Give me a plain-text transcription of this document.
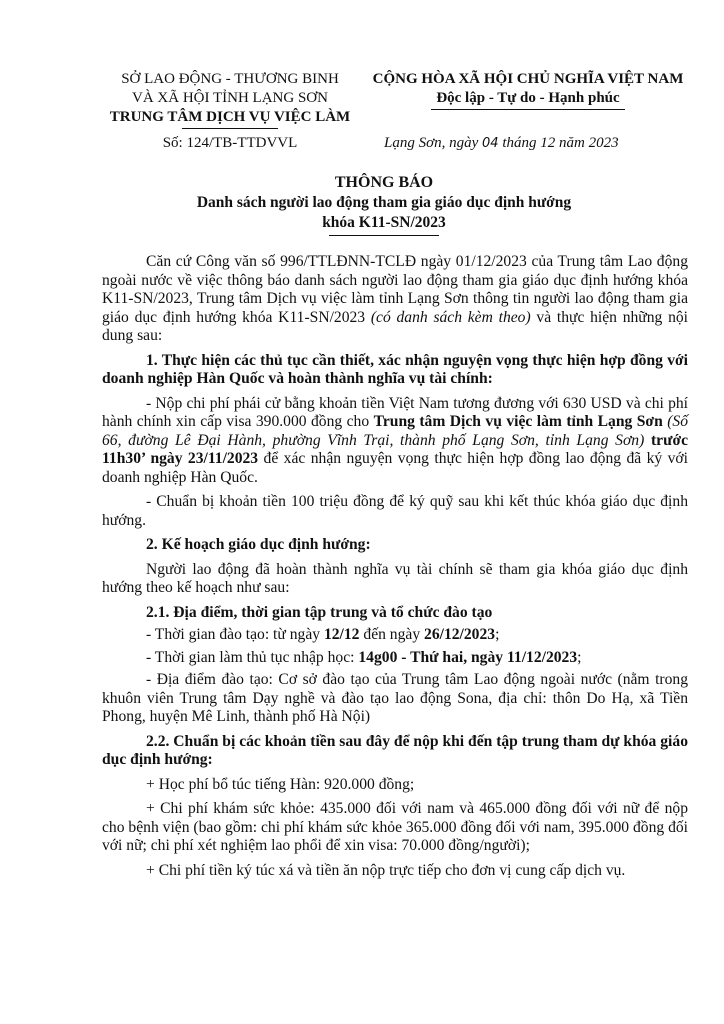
SỞ LAO ĐỘNG - THƯƠNG BINH
VÀ XÃ HỘI TỈNH LẠNG SƠN
TRUNG TÂM DỊCH VỤ VIỆC LÀM
CỘNG HÒA XÃ HỘI CHỦ NGHĨA VIỆT NAM
Độc lập - Tự do - Hạnh phúc
Số: 124/TB-TTDVVL	Lạng Sơn, ngày 04 tháng 12 năm 2023
THÔNG BÁO
Danh sách người lao động tham gia giáo dục định hướng
khóa K11-SN/2023

Căn cứ Công văn số 996/TTLĐNN-TCLĐ ngày 01/12/2023 của Trung tâm Lao động ngoài nước về việc thông báo danh sách người lao động tham gia giáo dục định hướng khóa K11-SN/2023, Trung tâm Dịch vụ việc làm tỉnh Lạng Sơn thông tin người lao động tham gia giáo dục định hướng khóa K11-SN/2023 (có danh sách kèm theo) và thực hiện những nội dung sau:

1. Thực hiện các thủ tục cần thiết, xác nhận nguyện vọng thực hiện hợp đồng với doanh nghiệp Hàn Quốc và hoàn thành nghĩa vụ tài chính:

- Nộp chi phí phái cử bằng khoản tiền Việt Nam tương đương với 630 USD và chi phí hành chính xin cấp visa 390.000 đồng cho Trung tâm Dịch vụ việc làm tỉnh Lạng Sơn (Số 66, đường Lê Đại Hành, phường Vĩnh Trại, thành phố Lạng Sơn, tỉnh Lạng Sơn) trước 11h30’ ngày 23/11/2023 để xác nhận nguyện vọng thực hiện hợp đồng lao động đã ký với doanh nghiệp Hàn Quốc.

- Chuẩn bị khoản tiền 100 triệu đồng để ký quỹ sau khi kết thúc khóa giáo dục định hướng.

2. Kế hoạch giáo dục định hướng:

Người lao động đã hoàn thành nghĩa vụ tài chính sẽ tham gia khóa giáo dục định hướng theo kế hoạch như sau:

2.1. Địa điểm, thời gian tập trung và tổ chức đào tạo

- Thời gian đào tạo: từ ngày 12/12 đến ngày 26/12/2023;

- Thời gian làm thủ tục nhập học: 14g00 - Thứ hai, ngày 11/12/2023;

- Địa điểm đào tạo: Cơ sở đào tạo của Trung tâm Lao động ngoài nước (nằm trong khuôn viên Trung tâm Dạy nghề và đào tạo lao động Sona, địa chỉ: thôn Do Hạ, xã Tiền Phong, huyện Mê Linh, thành phố Hà Nội)

2.2. Chuẩn bị các khoản tiền sau đây để nộp khi đến tập trung tham dự khóa giáo dục định hướng:

+ Học phí bổ túc tiếng Hàn: 920.000 đồng;

+ Chi phí khám sức khỏe: 435.000 đối với nam và 465.000 đồng đối với nữ để nộp cho bệnh viện (bao gồm: chi phí khám sức khỏe 365.000 đồng đối với nam, 395.000 đồng đối với nữ; chi phí xét nghiệm lao phổi để xin visa: 70.000 đồng/người);

+ Chi phí tiền ký túc xá và tiền ăn nộp trực tiếp cho đơn vị cung cấp dịch vụ.
